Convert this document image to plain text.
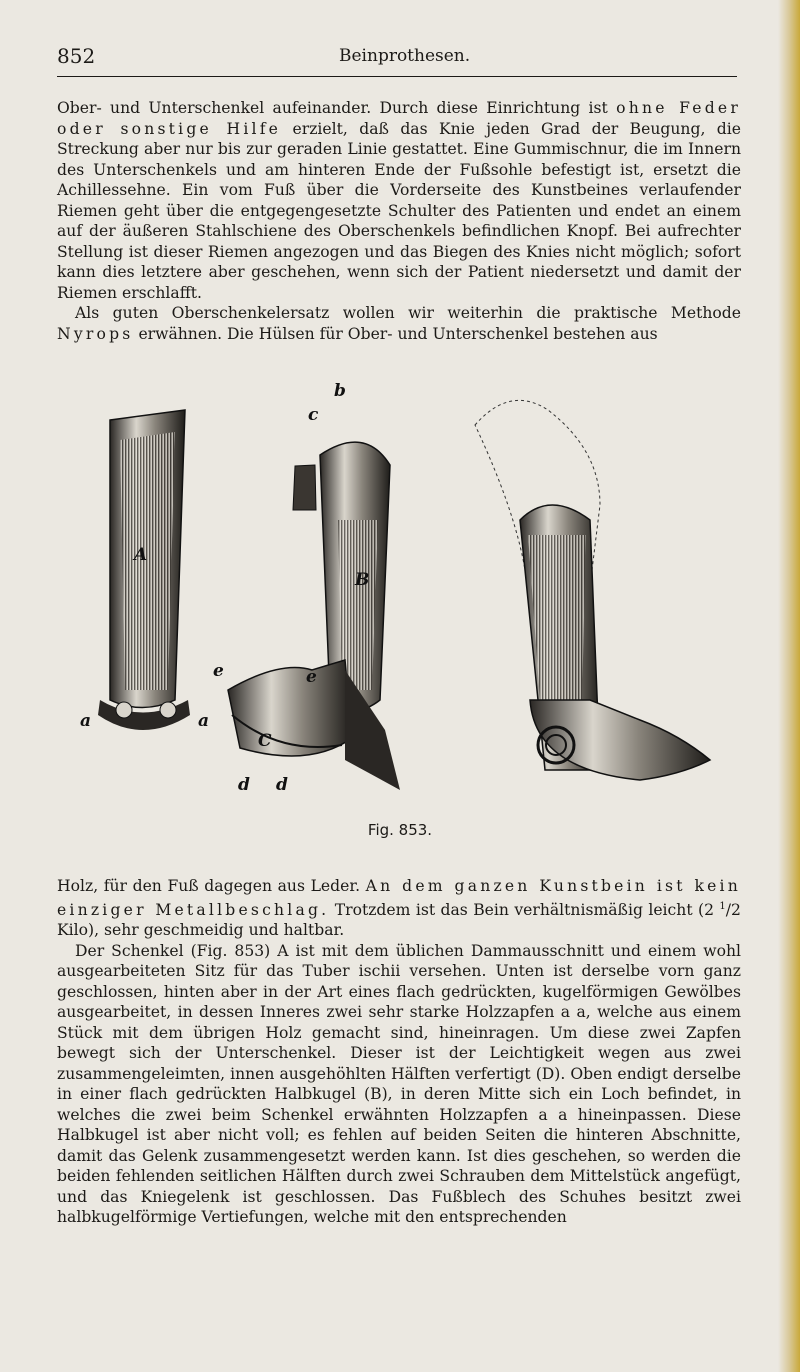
852	Beinprothesen.

Ober- und Unterschenkel aufeinander. Durch diese Einrichtung ist ohne Feder oder sonstige Hilfe erzielt, daß das Knie jeden Grad der Beugung, die Streckung aber nur bis zur geraden Linie gestattet. Eine Gummischnur, die im Innern des Unterschenkels und am hinteren Ende der Fußsohle befestigt ist, ersetzt die Achillessehne. Ein vom Fuß über die Vorderseite des Kunstbeines verlaufender Riemen geht über die entgegengesetzte Schulter des Patienten und endet an einem auf der äußeren Stahlschiene des Oberschenkels befindlichen Knopf. Bei aufrechter Stellung ist dieser Riemen angezogen und das Biegen des Knies nicht möglich; sofort kann dies letztere aber geschehen, wenn sich der Patient niedersetzt und damit der Riemen erschlafft.

Als guten Oberschenkelersatz wollen wir weiterhin die praktische Methode Nyrops erwähnen. Die Hülsen für Ober- und Unterschenkel bestehen aus

A
a	a
e
b
c
B
e
C
d d
Fig. 853.

Holz, für den Fuß dagegen aus Leder. An dem ganzen Kunstbein ist kein einziger Metallbeschlag. Trotzdem ist das Bein verhältnismäßig leicht (2 $^1$/2 Kilo), sehr geschmeidig und haltbar.

Der Schenkel (Fig. 853) A ist mit dem üblichen Dammausschnitt und einem wohl ausgearbeiteten Sitz für das Tuber ischii versehen. Unten ist derselbe vorn ganz geschlossen, hinten aber in der Art eines flach gedrückten, kugelförmigen Gewölbes ausgearbeitet, in dessen Inneres zwei sehr starke Holzzapfen a a, welche aus einem Stück mit dem übrigen Holz gemacht sind, hineinragen. Um diese zwei Zapfen bewegt sich der Unterschenkel. Dieser ist der Leichtigkeit wegen aus zwei zusammengeleimten, innen ausgehöhlten Hälften verfertigt (D). Oben endigt derselbe in einer flach gedrückten Halbkugel (B), in deren Mitte sich ein Loch befindet, in welches die zwei beim Schenkel erwähnten Holzzapfen a a hineinpassen. Diese Halbkugel ist aber nicht voll; es fehlen auf beiden Seiten die hinteren Abschnitte, damit das Gelenk zusammengesetzt werden kann. Ist dies geschehen, so werden die beiden fehlenden seitlichen Hälften durch zwei Schrauben dem Mittelstück angefügt, und das Kniegelenk ist geschlossen. Das Fußblech des Schuhes besitzt zwei halbkugelförmige Vertiefungen, welche mit den entsprechenden
